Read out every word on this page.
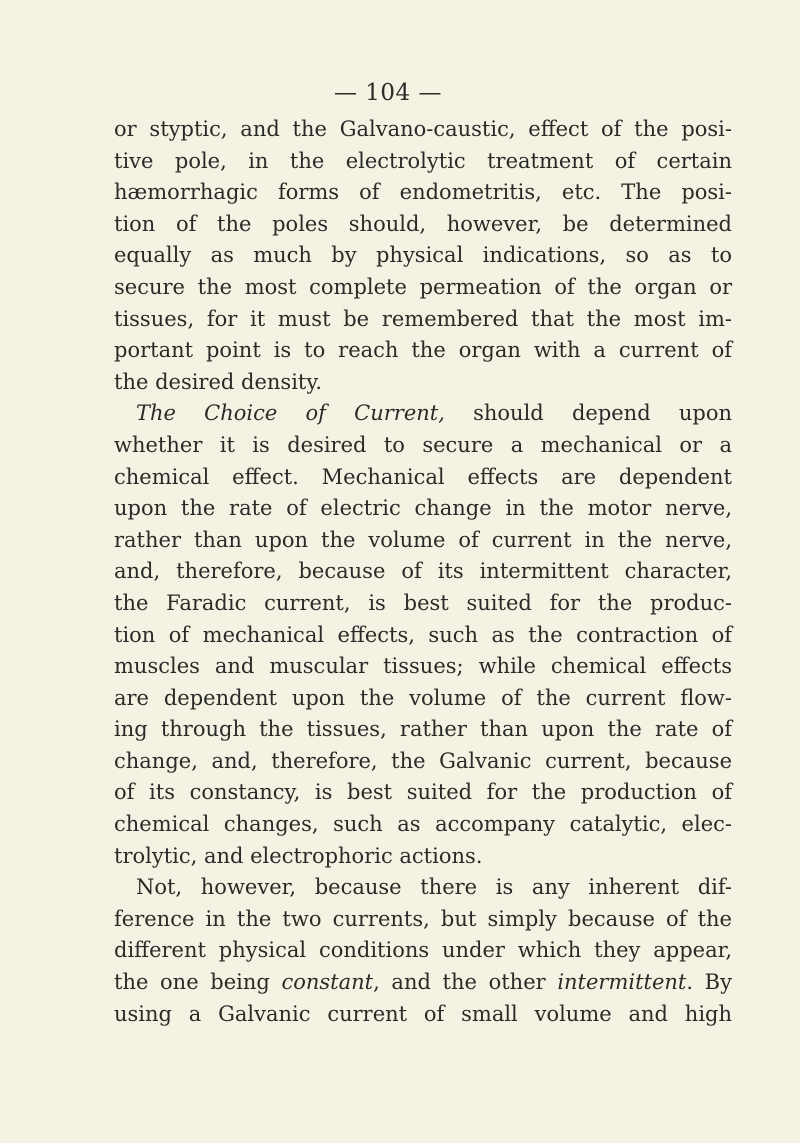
— 104 —
or styptic, and the Galvano-caustic, effect of the posi-
tive pole, in the electrolytic treatment of certain
hæmorrhagic forms of endometritis, etc. The posi-
tion of the poles should, however, be determined
equally as much by physical indications, so as to
secure the most complete permeation of the organ or
tissues, for it must be remembered that the most im-
portant point is to reach the organ with a current of
the desired density.
The Choice of Current, should depend upon
whether it is desired to secure a mechanical or a
chemical effect. Mechanical effects are dependent
upon the rate of electric change in the motor nerve,
rather than upon the volume of current in the nerve,
and, therefore, because of its intermittent character,
the Faradic current, is best suited for the produc-
tion of mechanical effects, such as the contraction of
muscles and muscular tissues; while chemical effects
are dependent upon the volume of the current flow-
ing through the tissues, rather than upon the rate of
change, and, therefore, the Galvanic current, because
of its constancy, is best suited for the production of
chemical changes, such as accompany catalytic, elec-
trolytic, and electrophoric actions.
Not, however, because there is any inherent dif-
ference in the two currents, but simply because of the
different physical conditions under which they appear,
the one being constant, and the other intermittent. By
using a Galvanic current of small volume and high
